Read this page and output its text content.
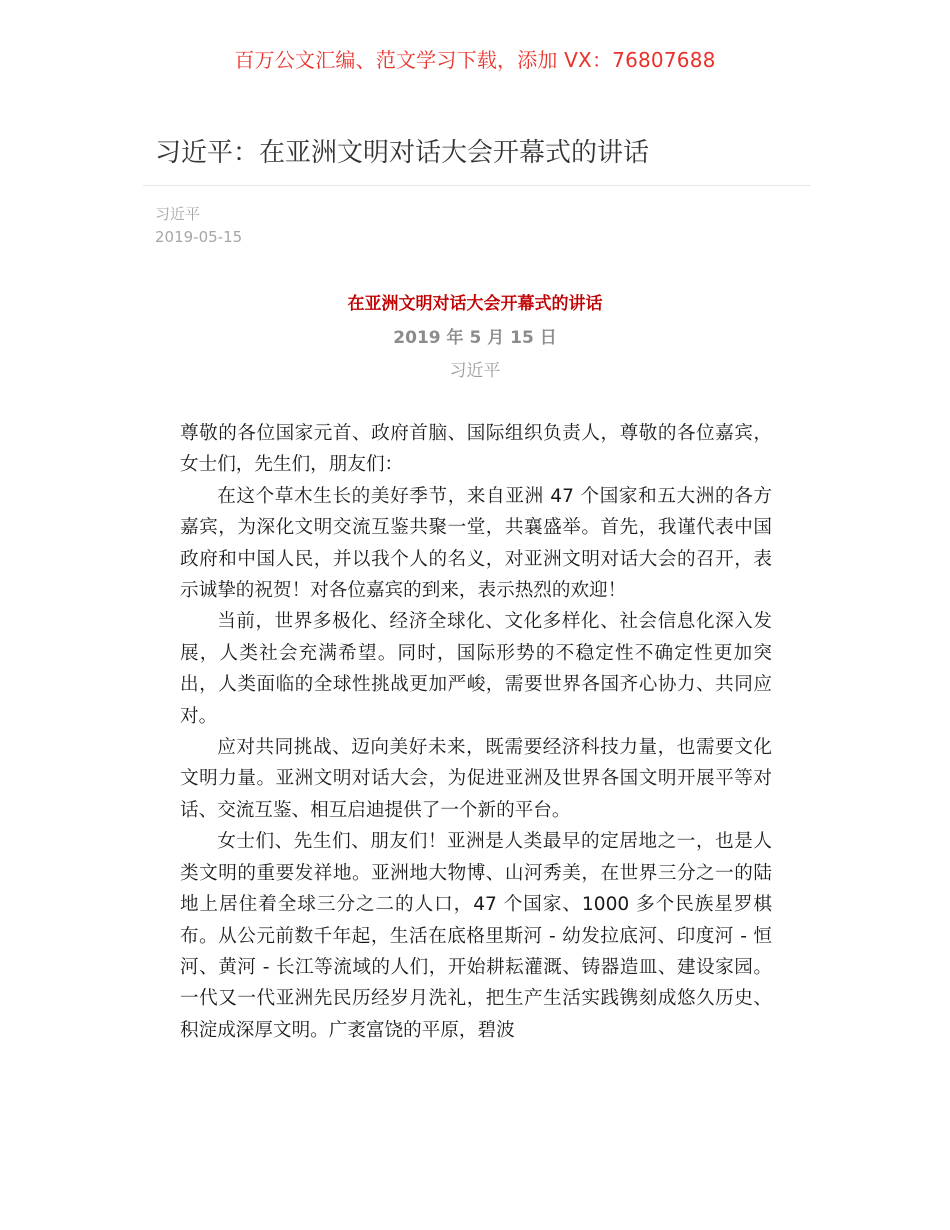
百万公文汇编、范文学习下载，添加 VX：76807688
习近平：在亚洲文明对话大会开幕式的讲话
习近平
2019-05-15
在亚洲文明对话大会开幕式的讲话
2019 年 5 月 15 日
习近平

尊敬的各位国家元首、政府首脑、国际组织负责人，尊敬的各位嘉宾，女士们，先生们，朋友们：

在这个草木生长的美好季节，来自亚洲 47 个国家和五大洲的各方嘉宾，为深化文明交流互鉴共聚一堂，共襄盛举。首先，我谨代表中国政府和中国人民，并以我个人的名义，对亚洲文明对话大会的召开，表示诚挚的祝贺！对各位嘉宾的到来，表示热烈的欢迎！

当前，世界多极化、经济全球化、文化多样化、社会信息化深入发展，人类社会充满希望。同时，国际形势的不稳定性不确定性更加突出，人类面临的全球性挑战更加严峻，需要世界各国齐心协力、共同应对。

应对共同挑战、迈向美好未来，既需要经济科技力量，也需要文化文明力量。亚洲文明对话大会，为促进亚洲及世界各国文明开展平等对话、交流互鉴、相互启迪提供了一个新的平台。

女士们、先生们、朋友们！亚洲是人类最早的定居地之一，也是人类文明的重要发祥地。亚洲地大物博、山河秀美，在世界三分之一的陆地上居住着全球三分之二的人口，47 个国家、1000 多个民族星罗棋布。从公元前数千年起，生活在底格里斯河 - 幼发拉底河、印度河 - 恒河、黄河 - 长江等流域的人们，开始耕耘灌溉、铸器造皿、建设家园。一代又一代亚洲先民历经岁月洗礼，把生产生活实践镌刻成悠久历史、积淀成深厚文明。广袤富饶的平原，碧波
